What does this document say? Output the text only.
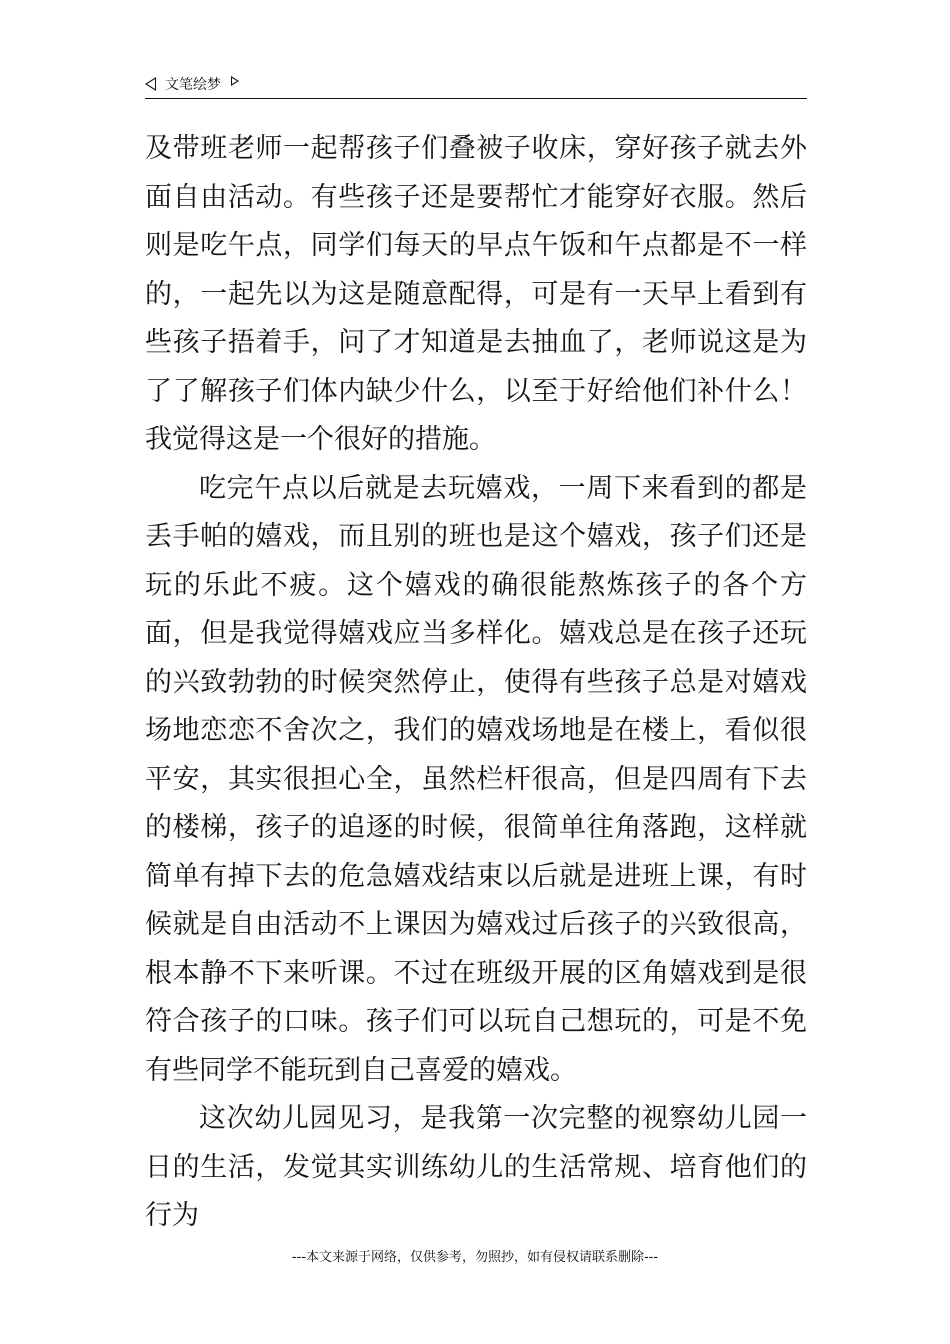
文笔绘梦

及带班老师一起帮孩子们叠被子收床，穿好孩子就去外面自由活动。有些孩子还是要帮忙才能穿好衣服。然后则是吃午点，同学们每天的早点午饭和午点都是不一样的，一起先以为这是随意配得，可是有一天早上看到有些孩子捂着手，问了才知道是去抽血了，老师说这是为了了解孩子们体内缺少什么，以至于好给他们补什么！我觉得这是一个很好的措施。

吃完午点以后就是去玩嬉戏，一周下来看到的都是丢手帕的嬉戏，而且别的班也是这个嬉戏，孩子们还是玩的乐此不疲。这个嬉戏的确很能熬炼孩子的各个方面，但是我觉得嬉戏应当多样化。嬉戏总是在孩子还玩的兴致勃勃的时候突然停止，使得有些孩子总是对嬉戏场地恋恋不舍次之，我们的嬉戏场地是在楼上，看似很平安，其实很担心全，虽然栏杆很高，但是四周有下去的楼梯，孩子的追逐的时候，很简单往角落跑，这样就简单有掉下去的危急嬉戏结束以后就是进班上课，有时候就是自由活动不上课因为嬉戏过后孩子的兴致很高，根本静不下来听课。不过在班级开展的区角嬉戏到是很符合孩子的口味。孩子们可以玩自己想玩的，可是不免有些同学不能玩到自己喜爱的嬉戏。

这次幼儿园见习，是我第一次完整的视察幼儿园一日的生活，发觉其实训练幼儿的生活常规、培育他们的行为

---本文来源于网络，仅供参考，勿照抄，如有侵权请联系删除---
